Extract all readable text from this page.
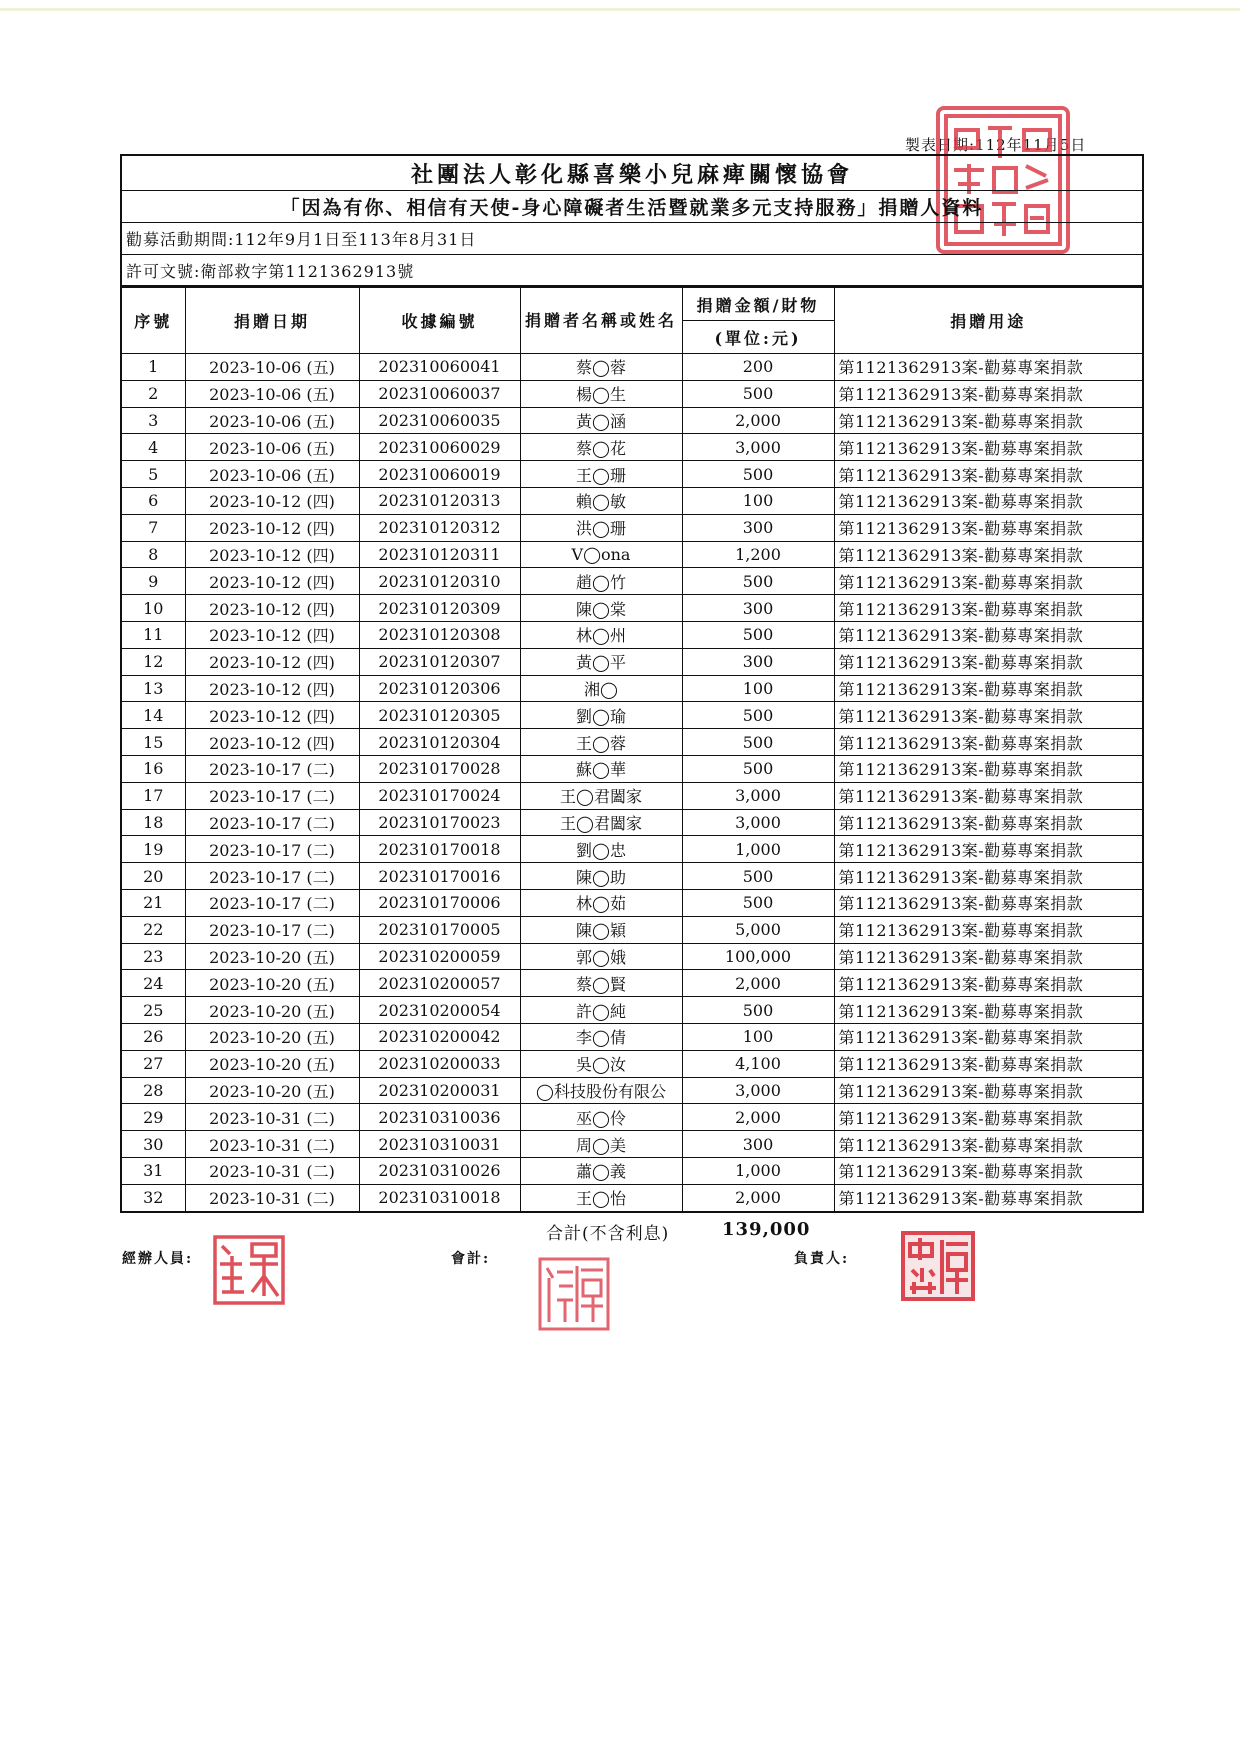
製表日期:112年11月5日
社團法人彰化縣喜樂小兒麻痺關懷協會
「因為有你、相信有天使-身心障礙者生活暨就業多元支持服務」捐贈人資料
勸募活動期間:112年9月1日至113年8月31日
許可文號:衛部救字第1121362913號
序號	捐贈日期	收據編號	捐贈者名稱或姓名	捐贈金額/財物	捐贈用途
				(單位:元)	
1	2023-10-06 (五)	202310060041	蔡◯蓉	200	第1121362913案-勸募專案捐款
2	2023-10-06 (五)	202310060037	楊◯生	500	第1121362913案-勸募專案捐款
3	2023-10-06 (五)	202310060035	黃◯涵	2,000	第1121362913案-勸募專案捐款
4	2023-10-06 (五)	202310060029	蔡◯花	3,000	第1121362913案-勸募專案捐款
5	2023-10-06 (五)	202310060019	王◯珊	500	第1121362913案-勸募專案捐款
6	2023-10-12 (四)	202310120313	賴◯敏	100	第1121362913案-勸募專案捐款
7	2023-10-12 (四)	202310120312	洪◯珊	300	第1121362913案-勸募專案捐款
8	2023-10-12 (四)	202310120311	V◯ona	1,200	第1121362913案-勸募專案捐款
9	2023-10-12 (四)	202310120310	趙◯竹	500	第1121362913案-勸募專案捐款
10	2023-10-12 (四)	202310120309	陳◯棠	300	第1121362913案-勸募專案捐款
11	2023-10-12 (四)	202310120308	林◯州	500	第1121362913案-勸募專案捐款
12	2023-10-12 (四)	202310120307	黃◯平	300	第1121362913案-勸募專案捐款
13	2023-10-12 (四)	202310120306	湘◯	100	第1121362913案-勸募專案捐款
14	2023-10-12 (四)	202310120305	劉◯瑜	500	第1121362913案-勸募專案捐款
15	2023-10-12 (四)	202310120304	王◯蓉	500	第1121362913案-勸募專案捐款
16	2023-10-17 (二)	202310170028	蘇◯華	500	第1121362913案-勸募專案捐款
17	2023-10-17 (二)	202310170024	王◯君闔家	3,000	第1121362913案-勸募專案捐款
18	2023-10-17 (二)	202310170023	王◯君闔家	3,000	第1121362913案-勸募專案捐款
19	2023-10-17 (二)	202310170018	劉◯忠	1,000	第1121362913案-勸募專案捐款
20	2023-10-17 (二)	202310170016	陳◯助	500	第1121362913案-勸募專案捐款
21	2023-10-17 (二)	202310170006	林◯茹	500	第1121362913案-勸募專案捐款
22	2023-10-17 (二)	202310170005	陳◯穎	5,000	第1121362913案-勸募專案捐款
23	2023-10-20 (五)	202310200059	郭◯娥	100,000	第1121362913案-勸募專案捐款
24	2023-10-20 (五)	202310200057	蔡◯賢	2,000	第1121362913案-勸募專案捐款
25	2023-10-20 (五)	202310200054	許◯純	500	第1121362913案-勸募專案捐款
26	2023-10-20 (五)	202310200042	李◯倩	100	第1121362913案-勸募專案捐款
27	2023-10-20 (五)	202310200033	吳◯汝	4,100	第1121362913案-勸募專案捐款
28	2023-10-20 (五)	202310200031	◯科技股份有限公	3,000	第1121362913案-勸募專案捐款
29	2023-10-31 (二)	202310310036	巫◯伶	2,000	第1121362913案-勸募專案捐款
30	2023-10-31 (二)	202310310031	周◯美	300	第1121362913案-勸募專案捐款
31	2023-10-31 (二)	202310310026	蕭◯義	1,000	第1121362913案-勸募專案捐款
32	2023-10-31 (二)	202310310018	王◯怡	2,000	第1121362913案-勸募專案捐款
合計(不含利息)	139,000
經辦人員:	會計:	負責人:
